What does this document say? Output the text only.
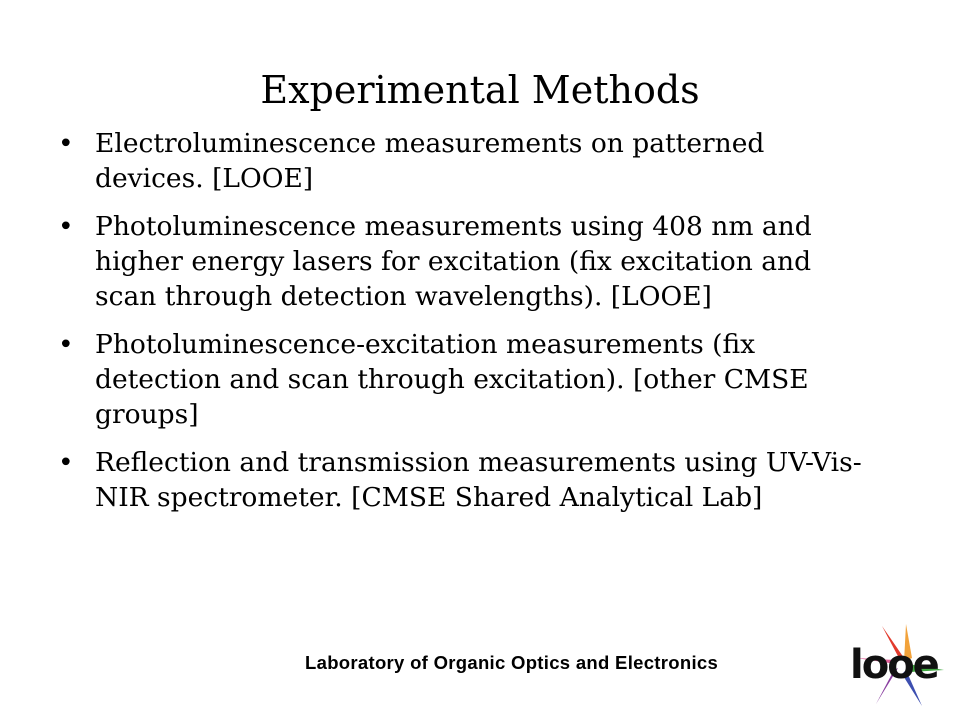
Experimental Methods
• Electroluminescence measurements on patterned devices. [LOOE]
• Photoluminescence measurements using 408 nm and higher energy lasers for excitation (fix excitation and scan through detection wavelengths). [LOOE]
• Photoluminescence-excitation measurements (fix detection and scan through excitation). [other CMSE groups]
• Reflection and transmission measurements using UV-Vis-NIR spectrometer. [CMSE Shared Analytical Lab]
Laboratory of Organic Optics and Electronics	looe
